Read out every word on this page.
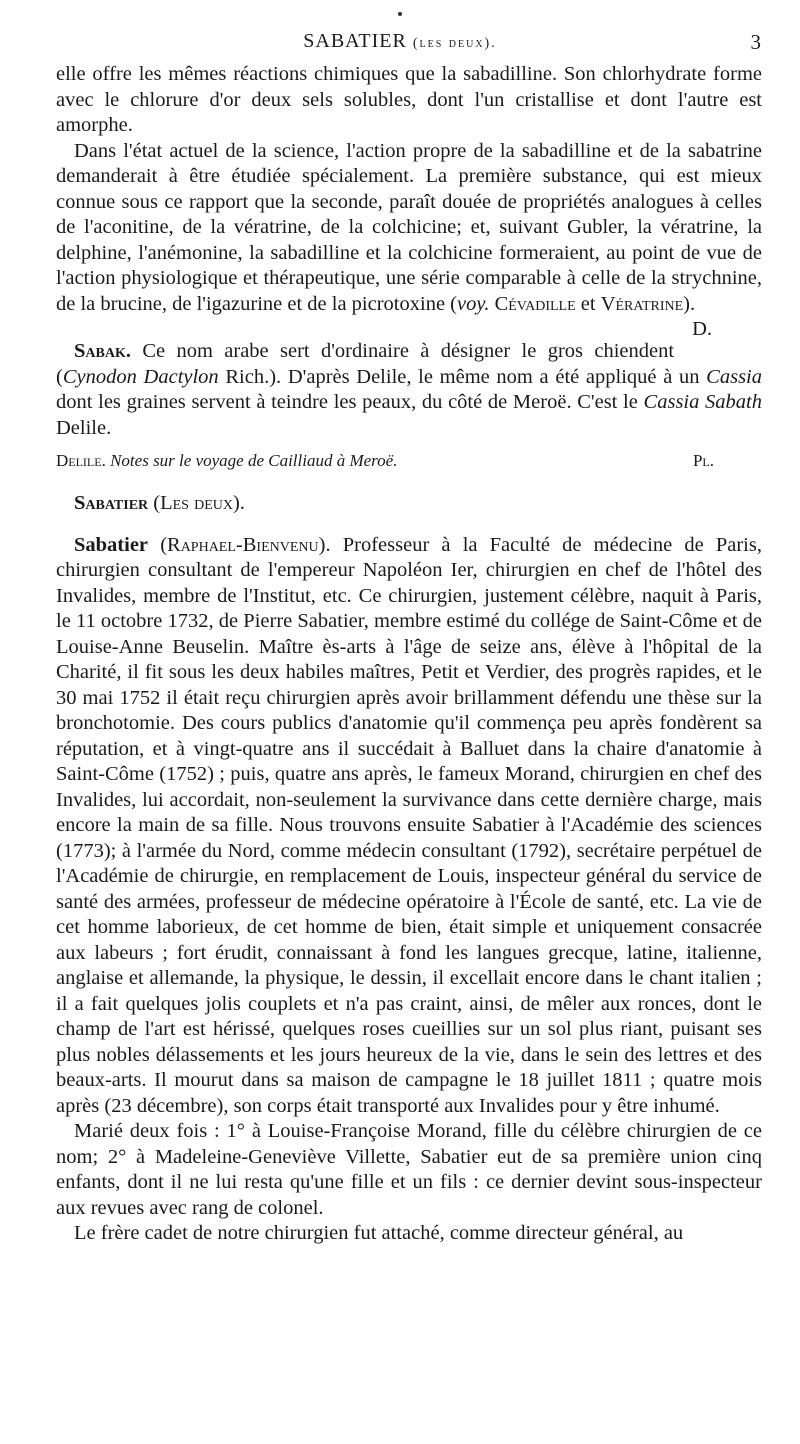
SABATIER (les deux).	3

elle offre les mêmes réactions chimiques que la sabadilline. Son chlorhydrate forme avec le chlorure d'or deux sels solubles, dont l'un cristallise et dont l'autre est amorphe.

Dans l'état actuel de la science, l'action propre de la sabadilline et de la sabatrine demanderait à être étudiée spécialement. La première substance, qui est mieux connue sous ce rapport que la seconde, paraît douée de propriétés analogues à celles de l'aconitine, de la vératrine, de la colchicine; et, suivant Gubler, la vératrine, la delphine, l'anémonine, la sabadilline et la colchicine formeraient, au point de vue de l'action physiologique et thérapeutique, une série comparable à celle de la strychnine, de la brucine, de l'igazurine et de la picrotoxine (voy. Cévadille et Vératrine).
D.

Sabak. Ce nom arabe sert d'ordinaire à désigner le gros chiendent (Cynodon Dactylon Rich.). D'après Delile, le même nom a été appliqué à un Cassia dont les graines servent à teindre les peaux, du côté de Meroë. C'est le Cassia Sabath Delile.

Delile. Notes sur le voyage de Cailliaud à Meroë.	Pl.

Sabatier (Les deux).

Sabatier (Raphael-Bienvenu). Professeur à la Faculté de médecine de Paris, chirurgien consultant de l'empereur Napoléon Ier, chirurgien en chef de l'hôtel des Invalides, membre de l'Institut, etc. Ce chirurgien, justement célèbre, naquit à Paris, le 11 octobre 1732, de Pierre Sabatier, membre estimé du collége de Saint-Côme et de Louise-Anne Beuselin. Maître ès-arts à l'âge de seize ans, élève à l'hôpital de la Charité, il fit sous les deux habiles maîtres, Petit et Verdier, des progrès rapides, et le 30 mai 1752 il était reçu chirurgien après avoir brillamment défendu une thèse sur la bronchotomie. Des cours publics d'anatomie qu'il commença peu après fondèrent sa réputation, et à vingt-quatre ans il succédait à Balluet dans la chaire d'anatomie à Saint-Côme (1752) ; puis, quatre ans après, le fameux Morand, chirurgien en chef des Invalides, lui accordait, non-seulement la survivance dans cette dernière charge, mais encore la main de sa fille. Nous trouvons ensuite Sabatier à l'Académie des sciences (1773); à l'armée du Nord, comme médecin consultant (1792), secrétaire perpétuel de l'Académie de chirurgie, en remplacement de Louis, inspecteur général du service de santé des armées, professeur de médecine opératoire à l'École de santé, etc. La vie de cet homme laborieux, de cet homme de bien, était simple et uniquement consacrée aux labeurs ; fort érudit, connaissant à fond les langues grecque, latine, italienne, anglaise et allemande, la physique, le dessin, il excellait encore dans le chant italien ; il a fait quelques jolis couplets et n'a pas craint, ainsi, de mêler aux ronces, dont le champ de l'art est hérissé, quelques roses cueillies sur un sol plus riant, puisant ses plus nobles délassements et les jours heureux de la vie, dans le sein des lettres et des beaux-arts. Il mourut dans sa maison de campagne le 18 juillet 1811 ; quatre mois après (23 décembre), son corps était transporté aux Invalides pour y être inhumé.

Marié deux fois : 1° à Louise-Françoise Morand, fille du célèbre chirurgien de ce nom; 2° à Madeleine-Geneviève Villette, Sabatier eut de sa première union cinq enfants, dont il ne lui resta qu'une fille et un fils : ce dernier devint sous-inspecteur aux revues avec rang de colonel.

Le frère cadet de notre chirurgien fut attaché, comme directeur général, au
